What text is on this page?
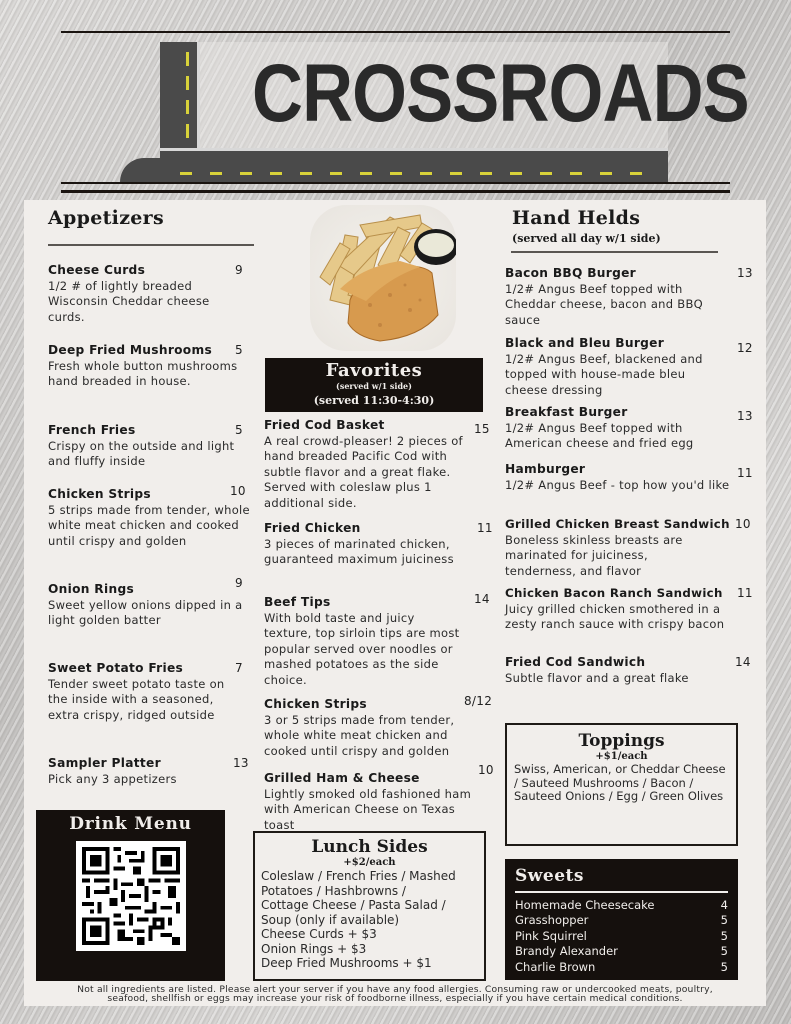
CROSSROADS
Appetizers
Cheese Curds
1/2 # of lightly breaded Wisconsin Cheddar cheese curds.
9
Deep Fried Mushrooms
Fresh whole button mushrooms hand breaded in house.
5
French Fries
Crispy on the outside and light and fluffy inside
5
Chicken Strips
5 strips made from tender, whole white meat chicken and cooked until crispy and golden
10
Onion Rings
Sweet yellow onions dipped in a light golden batter
9
Sweet Potato Fries
Tender sweet potato taste on the inside with a seasoned, extra crispy, ridged outside
7
Sampler Platter
Pick any 3 appetizers
13
Drink Menu
Favorites
(served w/1 side)
(served 11:30-4:30)
Fried Cod Basket
A real crowd-pleaser! 2 pieces of hand breaded Pacific Cod with subtle flavor and a great flake. Served with coleslaw plus 1 additional side.
15
Fried Chicken
3 pieces of marinated chicken, guaranteed maximum juiciness
11
Beef Tips
With bold taste and juicy texture, top sirloin tips are most popular served over noodles or mashed potatoes as the side choice.
14
Chicken Strips
3 or 5 strips made from tender, whole white meat chicken and cooked until crispy and golden
8/12
Grilled Ham & Cheese
Lightly smoked old fashioned ham with American Cheese on Texas toast
10
Lunch Sides
+$2/each
Coleslaw / French Fries / Mashed
Potatoes / Hashbrowns /
Cottage Cheese / Pasta Salad /
Soup (only if available)
Cheese Curds + $3
Onion Rings + $3
Deep Fried Mushrooms + $1
Hand Helds
(served all day w/1 side)
Bacon BBQ Burger
1/2# Angus Beef topped with Cheddar cheese, bacon and BBQ sauce
13
Black and Bleu Burger
1/2# Angus Beef, blackened and topped with house-made bleu cheese dressing
12
Breakfast Burger
1/2# Angus Beef topped with American cheese and fried egg
13
Hamburger
1/2# Angus Beef - top how you'd like
11
Grilled Chicken Breast Sandwich
Boneless skinless breasts are marinated for juiciness, tenderness, and flavor
10
Chicken Bacon Ranch Sandwich
Juicy grilled chicken smothered in a zesty ranch sauce with crispy bacon
11
Fried Cod Sandwich
Subtle flavor and a great flake
14
Toppings
+$1/each
Swiss, American, or Cheddar Cheese / Sauteed Mushrooms / Bacon / Sauteed Onions / Egg / Green Olives
Sweets
Homemade Cheesecake	4
Grasshopper	5
Pink Squirrel	5
Brandy Alexander	5
Charlie Brown	5
Not all ingredients are listed. Please alert your server if you have any food allergies. Consuming raw or undercooked meats, poultry,
seafood, shellfish or eggs may increase your risk of foodborne illness, especially if you have certain medical conditions.
